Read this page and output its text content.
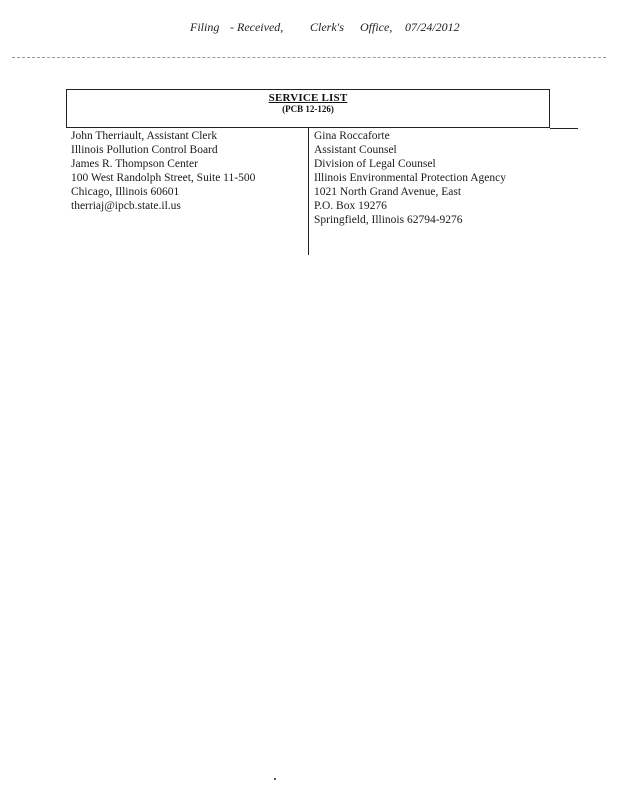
Filing - Received, Clerk's Office, 07/24/2012
SERVICE LIST
(PCB 12-126)
John Therriault, Assistant Clerk
Illinois Pollution Control Board
James R. Thompson Center
100 West Randolph Street, Suite 11-500
Chicago, Illinois 60601
therriaj@ipcb.state.il.us
Gina Roccaforte
Assistant Counsel
Division of Legal Counsel
Illinois Environmental Protection Agency
1021 North Grand Avenue, East
P.O. Box 19276
Springfield, Illinois 62794-9276
